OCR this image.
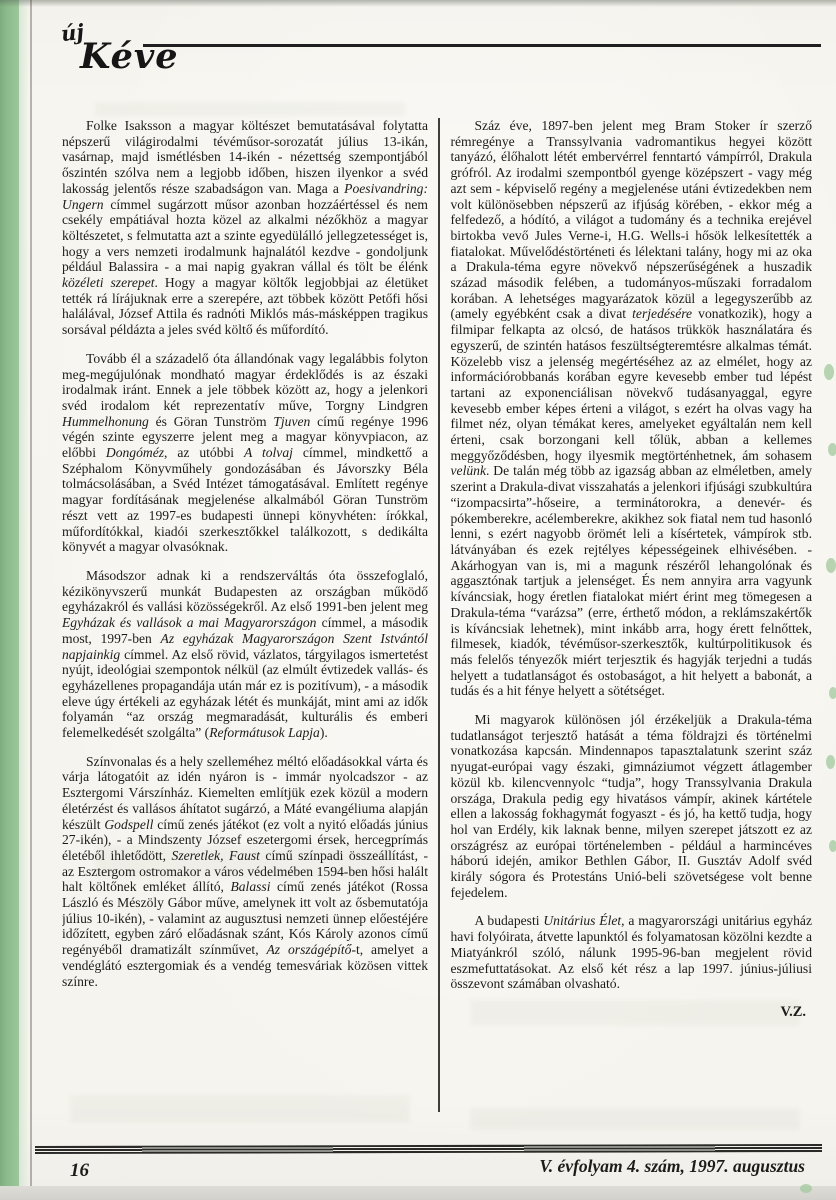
új
Kéve

Folke Isaksson a magyar költészet bemutatásával folytatta népszerű világirodalmi tévéműsor-sorozatát július 13-ikán, vasárnap, majd ismétlésben 14-ikén - nézettség szempontjából őszintén szólva nem a legjobb időben, hiszen ilyenkor a svéd lakosság jelentős része szabadságon van. Maga a Poesivandring: Ungern címmel sugárzott műsor azonban hozzáértéssel és nem csekély empátiával hozta közel az alkalmi nézőkhöz a magyar költészetet, s felmutatta azt a szinte egyedülálló jellegzetességet is, hogy a vers nemzeti irodalmunk hajnalától kezdve - gondoljunk például Balassira - a mai napig gyakran vállal és tölt be élénk közéleti szerepet. Hogy a magyar költők legjobbjai az életüket tették rá lírájuknak erre a szerepére, azt többek között Petőfi hősi halálával, József Attila és radnóti Miklós más-másképpen tragikus sorsával példázta a jeles svéd költő és műfordító.

Tovább él a századelő óta állandónak vagy legalábbis folyton meg-megújulónak mondható magyar érdeklődés is az északi irodalmak iránt. Ennek a jele többek között az, hogy a jelenkori svéd irodalom két reprezentatív műve, Torgny Lindgren Hummelhonung és Göran Tunström Tjuven című regénye 1996 végén szinte egyszerre jelent meg a magyar könyvpiacon, az előbbi Dongóméz, az utóbbi A tolvaj címmel, mindkettő a Széphalom Könyvműhely gondozásában és Jávorszky Béla tolmácsolásában, a Svéd Intézet támogatásával. Említett regénye magyar fordításának megjelenése alkalmából Göran Tunström részt vett az 1997-es budapesti ünnepi könyvhéten: írókkal, műfordítókkal, kiadói szerkesztőkkel találkozott, s dedikálta könyvét a magyar olvasóknak.

Másodszor adnak ki a rendszerváltás óta összefoglaló, kézikönyvszerű munkát Budapesten az országban működő egyházakról és vallási közösségekről. Az első 1991-ben jelent meg Egyházak és vallások a mai Magyarországon címmel, a második most, 1997-ben Az egyházak Magyarországon Szent Istvántól napjainkig címmel. Az első rövid, vázlatos, tárgyilagos ismertetést nyújt, ideológiai szempontok nélkül (az elmúlt évtizedek vallás- és egyházellenes propagandája után már ez is pozitívum), - a második eleve úgy értékeli az egyházak létét és munkáját, mint ami az idők folyamán “az ország megmaradását, kulturális és emberi felemelkedését szolgálta” (Reformátusok Lapja).

Színvonalas és a hely szelleméhez méltó előadásokkal várta és várja látogatóit az idén nyáron is - immár nyolcadszor - az Esztergomi Várszínház. Kiemelten említjük ezek közül a modern életérzést és vallásos áhítatot sugárzó, a Máté evangéliuma alapján készült Godspell című zenés játékot (ez volt a nyitó előadás június 27-ikén), - a Mindszenty József eszetergomi érsek, hercegprímás életéből ihletődött, Szeretlek, Faust című színpadi összeállítást, - az Esztergom ostromakor a város védelmében 1594-ben hősi halált halt költőnek emléket állító, Balassi című zenés játékot (Rossa László és Mészöly Gábor műve, amelynek itt volt az ősbemutatója július 10-ikén), - valamint az augusztusi nemzeti ünnep előestéjére időzített, egyben záró előadásnak szánt, Kós Károly azonos című regényéből dramatizált színművet, Az országépítő-t, amelyet a vendéglátó esztergomiak és a vendég temesváriak közösen vittek színre.

Száz éve, 1897-ben jelent meg Bram Stoker ír szerző rémregénye a Transsylvania vadromantikus hegyei között tanyázó, élőhalott létét embervérrel fenntartó vámpírról, Drakula grófról. Az irodalmi szempontból gyenge középszert - vagy még azt sem - képviselő regény a megjelenése utáni évtizedekben nem volt különösebben népszerű az ifjúság körében, - ekkor még a felfedező, a hódító, a világot a tudomány és a technika erejével birtokba vevő Jules Verne-i, H.G. Wells-i hősök lelkesítették a fiatalokat. Művelődéstörténeti és lélektani talány, hogy mi az oka a Drakula-téma egyre növekvő népszerűségének a huszadik század második felében, a tudományos-műszaki forradalom korában. A lehetséges magyarázatok közül a legegyszerűbb az (amely egyébként csak a divat terjedésére vonatkozik), hogy a filmipar felkapta az olcsó, de hatásos trükkök használatára és egyszerű, de szintén hatásos feszültségteremtésre alkalmas témát. Közelebb visz a jelenség megértéséhez az az elmélet, hogy az információrobbanás korában egyre kevesebb ember tud lépést tartani az exponenciálisan növekvő tudásanyaggal, egyre kevesebb ember képes érteni a világot, s ezért ha olvas vagy ha filmet néz, olyan témákat keres, amelyeket egyáltalán nem kell érteni, csak borzongani kell tőlük, abban a kellemes meggyőződésben, hogy ilyesmik megtörténhetnek, ám sohasem velünk. De talán még több az igazság abban az elméletben, amely szerint a Drakula-divat visszahatás a jelenkori ifjúsági szubkultúra “izompacsirta”-hőseire, a terminátorokra, a denevér- és pókemberekre, acélemberekre, akikhez sok fiatal nem tud hasonló lenni, s ezért nagyobb örömét leli a kísértetek, vámpírok stb. látványában és ezek rejtélyes képességeinek elhivésében. - Akárhogyan van is, mi a magunk részéről lehangolónak és aggasztónak tartjuk a jelenséget. És nem annyira arra vagyunk kíváncsiak, hogy éretlen fiatalokat miért érint meg tömegesen a Drakula-téma “varázsa” (erre, érthető módon, a reklámszakértők is kíváncsiak lehetnek), mint inkább arra, hogy érett felnőttek, filmesek, kiadók, tévéműsor-szerkesztők, kultúrpolitikusok és más felelős tényezők miért terjesztik és hagyják terjedni a tudás helyett a tudatlanságot és ostobaságot, a hit helyett a babonát, a tudás és a hit fénye helyett a sötétséget.

Mi magyarok különösen jól érzékeljük a Drakula-téma tudatlanságot terjesztő hatását a téma földrajzi és történelmi vonatkozása kapcsán. Mindennapos tapasztalatunk szerint száz nyugat-európai vagy északi, gimnáziumot végzett átlagember közül kb. kilencvennyolc “tudja”, hogy Transsylvania Drakula országa, Drakula pedig egy hivatásos vámpír, akinek kártétele ellen a lakosság fokhagymát fogyaszt - és jó, ha kettő tudja, hogy hol van Erdély, kik laknak benne, milyen szerepet játszott ez az országrész az európai történelemben - például a harmincéves háború idején, amikor Bethlen Gábor, II. Gusztáv Adolf svéd király sógora és Protestáns Unió-beli szövetségese volt benne fejedelem.

A budapesti Unitárius Élet, a magyarországi unitárius egyház havi folyóirata, átvette lapunktól és folyamatosan közölni kezdte a Miatyánkról szóló, nálunk 1995-96-ban megjelent rövid eszmefuttatásokat. Az első két rész a lap 1997. június-júliusi összevont számában olvasható.

V.Z.
16	V. évfolyam 4. szám, 1997. augusztus
